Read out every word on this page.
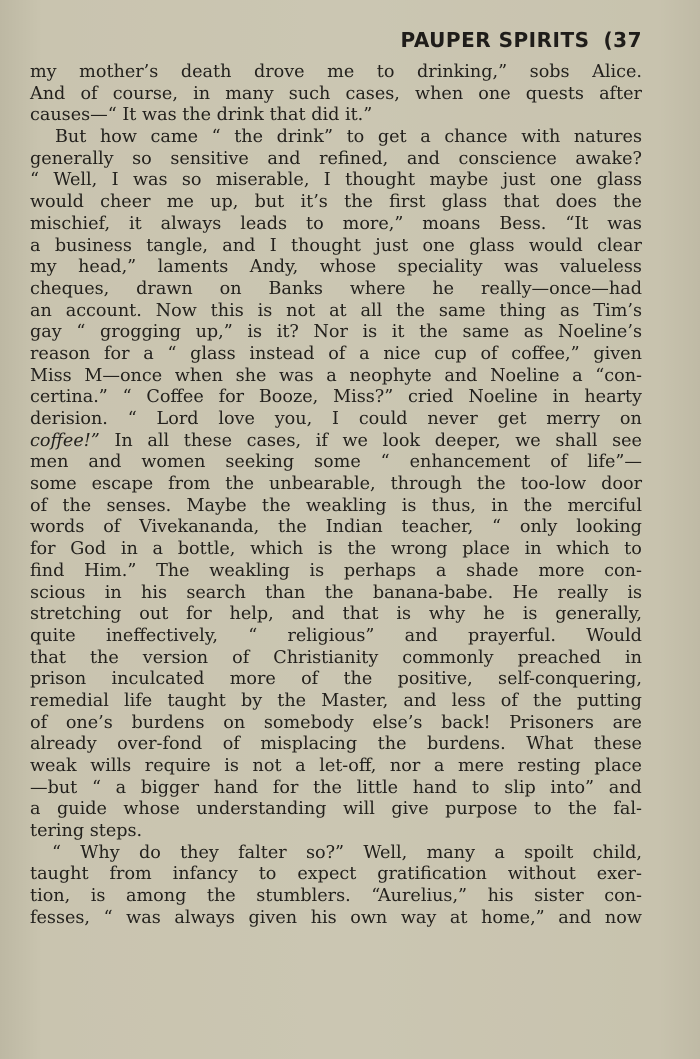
PAUPER SPIRITS (37
my mother’s death drove me to drinking,” sobs Alice.
And of course, in many such cases, when one quests after
causes—“ It was the drink that did it.”
But how came “ the drink” to get a chance with natures
generally so sensitive and refined, and conscience awake?
“ Well, I was so miserable, I thought maybe just one glass
would cheer me up, but it’s the first glass that does the
mischief, it always leads to more,” moans Bess. “It was
a business tangle, and I thought just one glass would clear
my head,” laments Andy, whose speciality was valueless
cheques, drawn on Banks where he really—once—had
an account. Now this is not at all the same thing as Tim’s
gay “ grogging up,” is it? Nor is it the same as Noeline’s
reason for a “ glass instead of a nice cup of coffee,” given
Miss M—once when she was a neophyte and Noeline a “con-
certina.” “ Coffee for Booze, Miss?” cried Noeline in hearty
derision. “ Lord love you, I could never get merry on
coffee!” In all these cases, if we look deeper, we shall see
men and women seeking some “ enhancement of life”—
some escape from the unbearable, through the too-low door
of the senses. Maybe the weakling is thus, in the merciful
words of Vivekananda, the Indian teacher, “ only looking
for God in a bottle, which is the wrong place in which to
find Him.” The weakling is perhaps a shade more con-
scious in his search than the banana-babe. He really is
stretching out for help, and that is why he is generally,
quite ineffectively, “ religious” and prayerful. Would
that the version of Christianity commonly preached in
prison inculcated more of the positive, self-conquering,
remedial life taught by the Master, and less of the putting
of one’s burdens on somebody else’s back! Prisoners are
already over-fond of misplacing the burdens. What these
weak wills require is not a let-off, nor a mere resting place
—but “ a bigger hand for the little hand to slip into” and
a guide whose understanding will give purpose to the fal-
tering steps.
“ Why do they falter so?” Well, many a spoilt child,
taught from infancy to expect gratification without exer-
tion, is among the stumblers. “Aurelius,” his sister con-
fesses, “ was always given his own way at home,” and now
